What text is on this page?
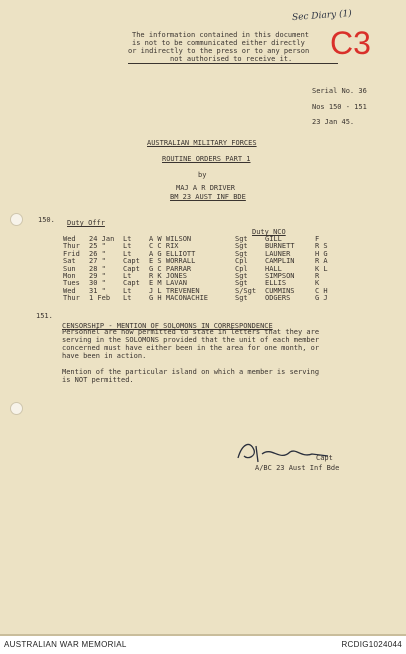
Sec Diary (1)
C3
The information contained in this document
is not to be communicated either directly
or indirectly to the press or to any person
not authorised to receive it.
Serial No. 36
Nos 150 - 151
23 Jan 45.
AUSTRALIAN MILITARY FORCES
ROUTINE ORDERS PART 1
by
MAJ A R DRIVER
BM 23 AUST INF BDE
150. Duty Offr
Duty NCO
Wed	24 Jan	Lt	A W WILSON	Sgt	GILL	F
Thur	25 "	Lt	C C RIX	Sgt	BURNETT	R S
Frid	26 "	Lt	A G ELLIOTT	Sgt	LAUNER	H G
Sat	27 "	Capt	E S WORRALL	Cpl	CAMPLIN	R A
Sun	28 "	Capt	G C PARRAR	Cpl	HALL	K L
Mon	29 "	Lt	R K JONES	Sgt	SIMPSON	R
Tues	30 "	Capt	E M LAVAN	Sgt	ELLIS	K
Wed	31 "	Lt	J L TREVENEN	S/Sgt	CUMMINS	C H
Thur	1 Feb	Lt	G H MACONACHIE	Sgt	ODGERS	G J
151.
CENSORSHIP - MENTION OF SOLOMONS IN CORRESPONDENCE
Personnel are now permitted to state in letters that they are
serving in the SOLOMONS provided that the unit of each member
concerned must have either been in the area for one month, or
have been in action.
Mention of the particular island on which a member is serving
is NOT permitted.
Capt
A/BC 23 Aust Inf Bde
AUSTRALIAN WAR MEMORIAL	RCDIG1024044
